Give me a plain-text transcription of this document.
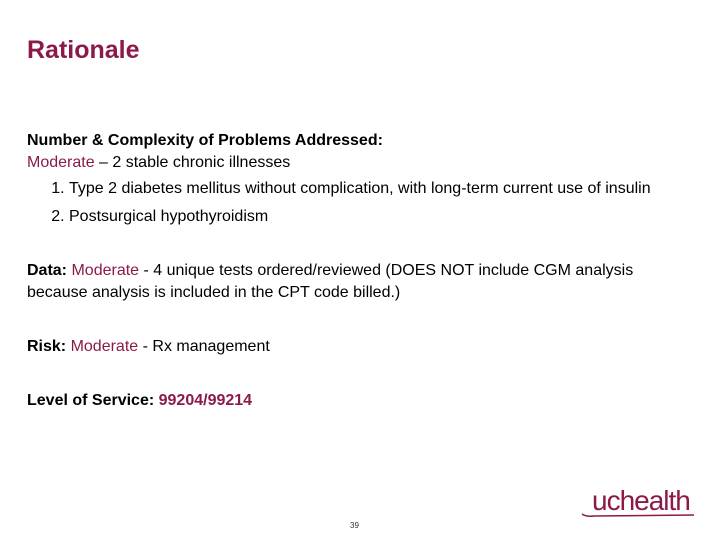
Rationale

Number & Complexity of Problems Addressed:

Moderate – 2 stable chronic illnesses

1. Type 2 diabetes mellitus without complication, with long-term current use of insulin
2. Postsurgical hypothyroidism

Data: Moderate - 4 unique tests ordered/reviewed (DOES NOT include CGM analysis because analysis is included in the CPT code billed.)

Risk: Moderate - Rx management

Level of Service: 99204/99214

39
uchealth
